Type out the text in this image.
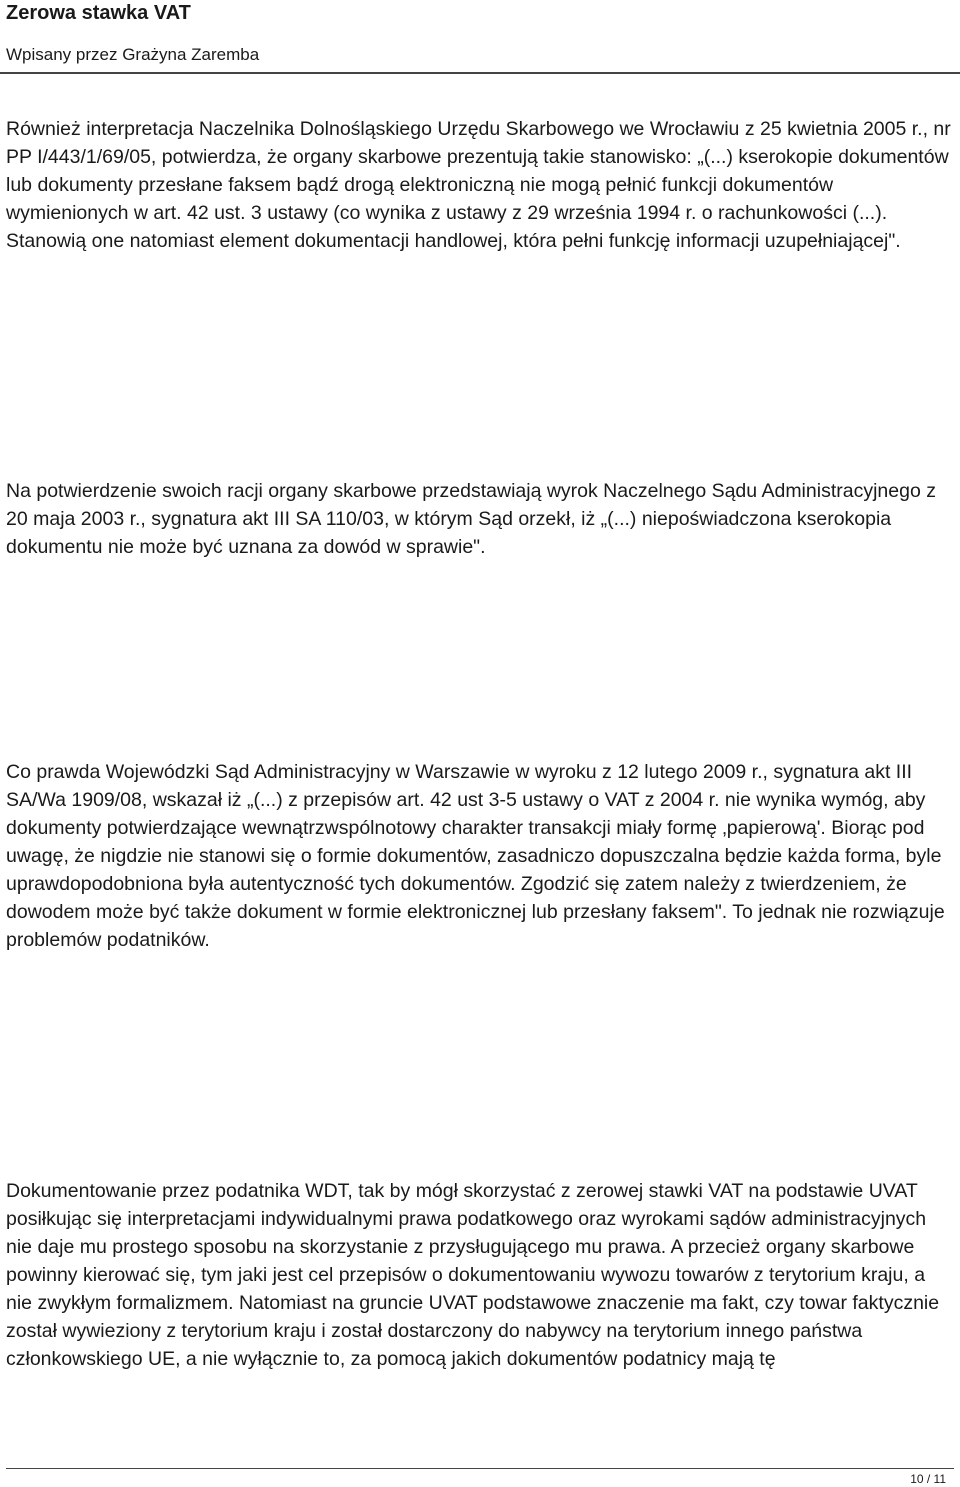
Zerowa stawka VAT
Wpisany przez Grażyna Zaremba

Również interpretacja Naczelnika Dolnośląskiego Urzędu Skarbowego we Wrocławiu z 25 kwietnia 2005 r., nr PP I/443/1/69/05, potwierdza, że organy skarbowe prezentują takie stanowisko: „(...) kserokopie dokumentów lub dokumenty przesłane faksem bądź drogą elektroniczną nie mogą pełnić funkcji dokumentów wymienionych w art. 42 ust. 3 ustawy (co wynika z ustawy z 29 września 1994 r. o rachunkowości (...). Stanowią one natomiast element dokumentacji handlowej, która pełni funkcję informacji uzupełniającej".

Na potwierdzenie swoich racji organy skarbowe przedstawiają wyrok Naczelnego Sądu Administracyjnego z 20 maja 2003 r., sygnatura akt III SA 110/03, w którym Sąd orzekł, iż „(...) niepoświadczona kserokopia dokumentu nie może być uznana za dowód w sprawie".

Co prawda Wojewódzki Sąd Administracyjny w Warszawie w wyroku z 12 lutego 2009 r., sygnatura akt III SA/Wa 1909/08, wskazał iż „(...) z przepisów art. 42 ust 3-5 ustawy o VAT z 2004 r. nie wynika wymóg, aby dokumenty potwierdzające wewnątrzwspólnotowy charakter transakcji miały formę ‚papierową'. Biorąc pod uwagę, że nigdzie nie stanowi się o formie dokumentów, zasadniczo dopuszczalna będzie każda forma, byle uprawdopodobniona była autentyczność tych dokumentów. Zgodzić się zatem należy z twierdzeniem, że dowodem może być także dokument w formie elektronicznej lub przesłany faksem". To jednak nie rozwiązuje problemów podatników.

Dokumentowanie przez podatnika WDT, tak by mógł skorzystać z zerowej stawki VAT na podstawie UVAT posiłkując się interpretacjami indywidualnymi prawa podatkowego oraz wyrokami sądów administracyjnych nie daje mu prostego sposobu na skorzystanie z przysługującego mu prawa. A przecież organy skarbowe powinny kierować się, tym jaki jest cel przepisów o dokumentowaniu wywozu towarów z terytorium kraju, a nie zwykłym formalizmem. Natomiast na gruncie UVAT podstawowe znaczenie ma fakt, czy towar faktycznie został wywieziony z terytorium kraju i został dostarczony do nabywcy na terytorium innego państwa członkowskiego UE, a nie wyłącznie to, za pomocą jakich dokumentów podatnicy mają tę

10 / 11
